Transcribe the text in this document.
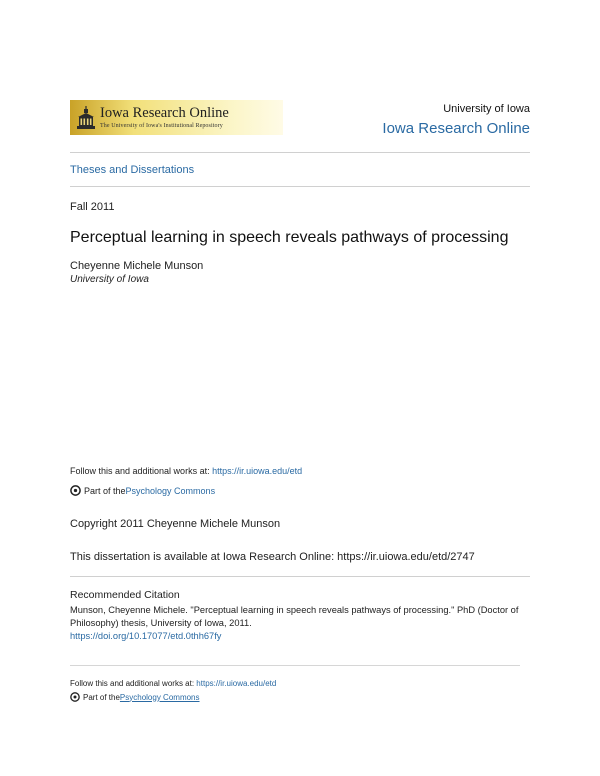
Iowa Research Online
The University of Iowa's Institutional Repository
University of Iowa
Iowa Research Online
Theses and Dissertations
Fall 2011
Perceptual learning in speech reveals pathways of processing
Cheyenne Michele Munson
University of Iowa
Follow this and additional works at: https://ir.uiowa.edu/etd
Part of the Psychology Commons
Copyright 2011 Cheyenne Michele Munson
This dissertation is available at Iowa Research Online: https://ir.uiowa.edu/etd/2747
Recommended Citation
Munson, Cheyenne Michele. "Perceptual learning in speech reveals pathways of processing." PhD (Doctor of Philosophy) thesis, University of Iowa, 2011.
https://doi.org/10.17077/etd.0thh67fy
Follow this and additional works at: https://ir.uiowa.edu/etd
Part of the Psychology Commons
